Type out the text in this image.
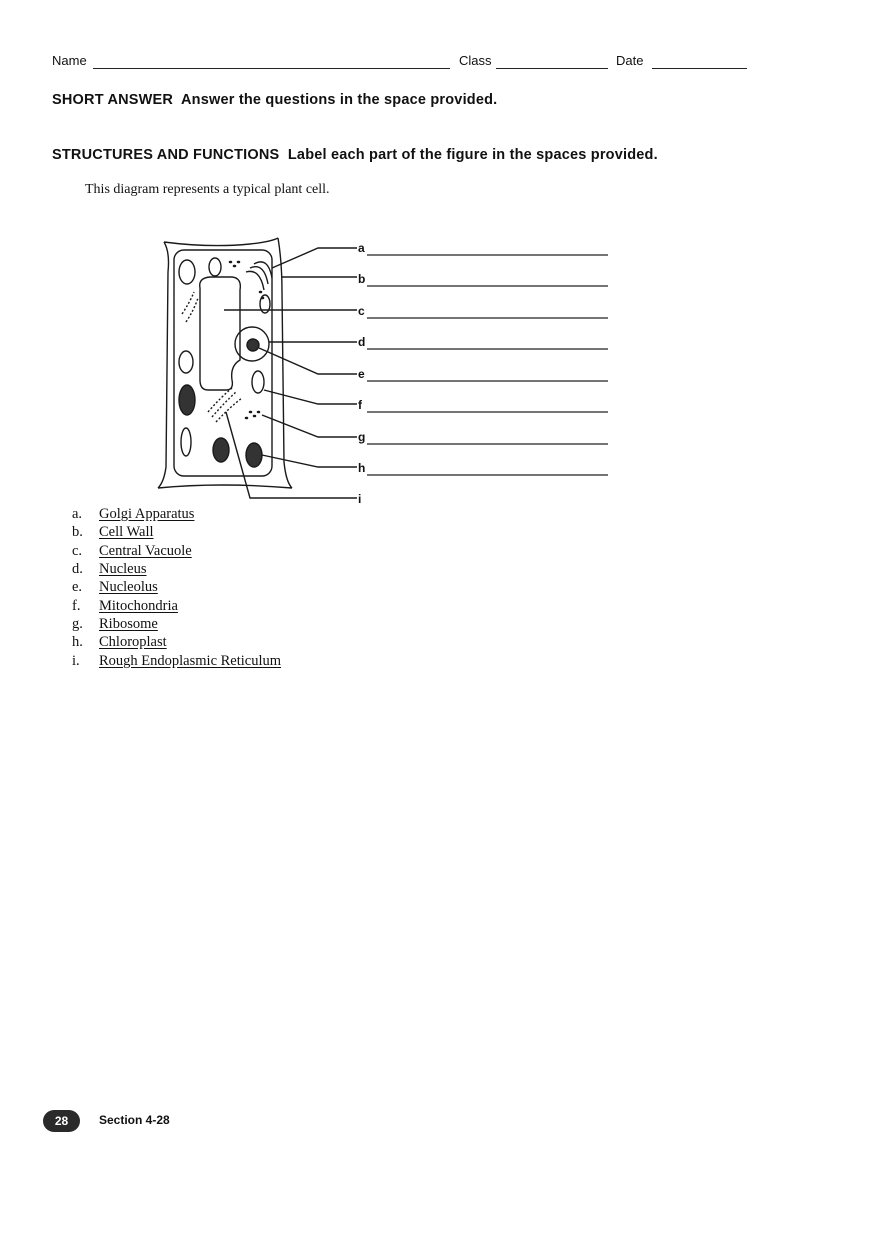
Name	Class	Date
SHORT ANSWER Answer the questions in the space provided.
STRUCTURES AND FUNCTIONS Label each part of the figure in the spaces provided.
This diagram represents a typical plant cell.
a
b
c
d
e
f
g
h
i
a. Golgi Apparatus
b. Cell Wall
c. Central Vacuole
d. Nucleus
e. Nucleolus
f. Mitochondria
g. Ribosome
h. Chloroplast
i. Rough Endoplasmic Reticulum
28	Section 4-28
